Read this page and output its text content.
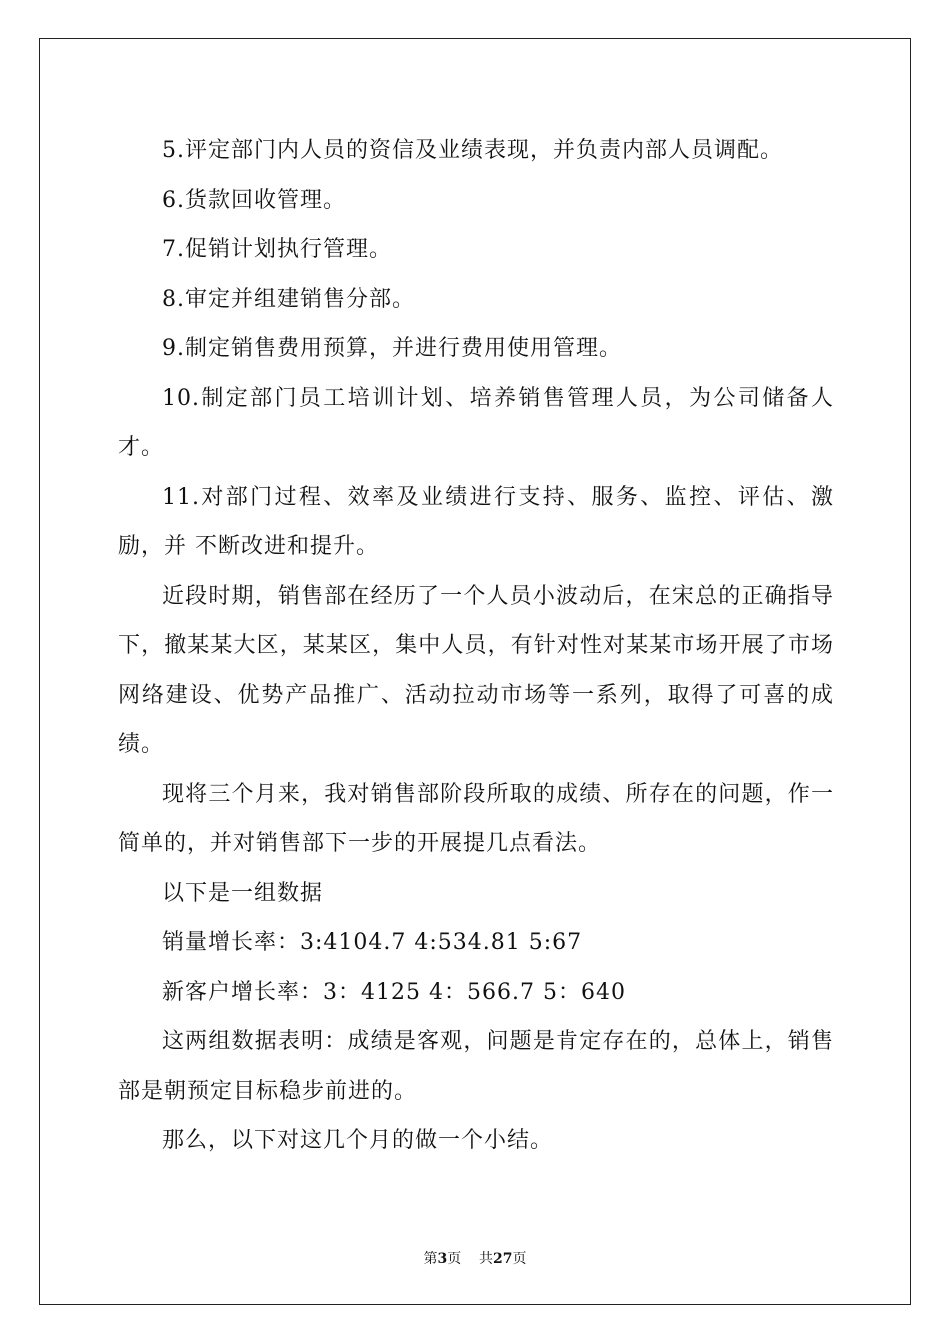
5.评定部门内人员的资信及业绩表现，并负责内部人员调配。

6.货款回收管理。

7.促销计划执行管理。

8.审定并组建销售分部。

9.制定销售费用预算，并进行费用使用管理。

10.制定部门员工培训计划、培养销售管理人员，为公司储备人才。

11.对部门过程、效率及业绩进行支持、服务、监控、评估、激励，并 不断改进和提升。

近段时期，销售部在经历了一个人员小波动后，在宋总的正确指导下，撤某某大区，某某区，集中人员，有针对性对某某市场开展了市场网络建设、优势产品推广、活动拉动市场等一系列，取得了可喜的成绩。

现将三个月来，我对销售部阶段所取的成绩、所存在的问题，作一简单的，并对销售部下一步的开展提几点看法。

以下是一组数据

销量增长率：3:4104.7 4:534.81 5:67

新客户增长率：3：4125 4：566.7 5：640

这两组数据表明：成绩是客观，问题是肯定存在的，总体上，销售部是朝预定目标稳步前进的。

那么，以下对这几个月的做一个小结。

第3页 共27页
